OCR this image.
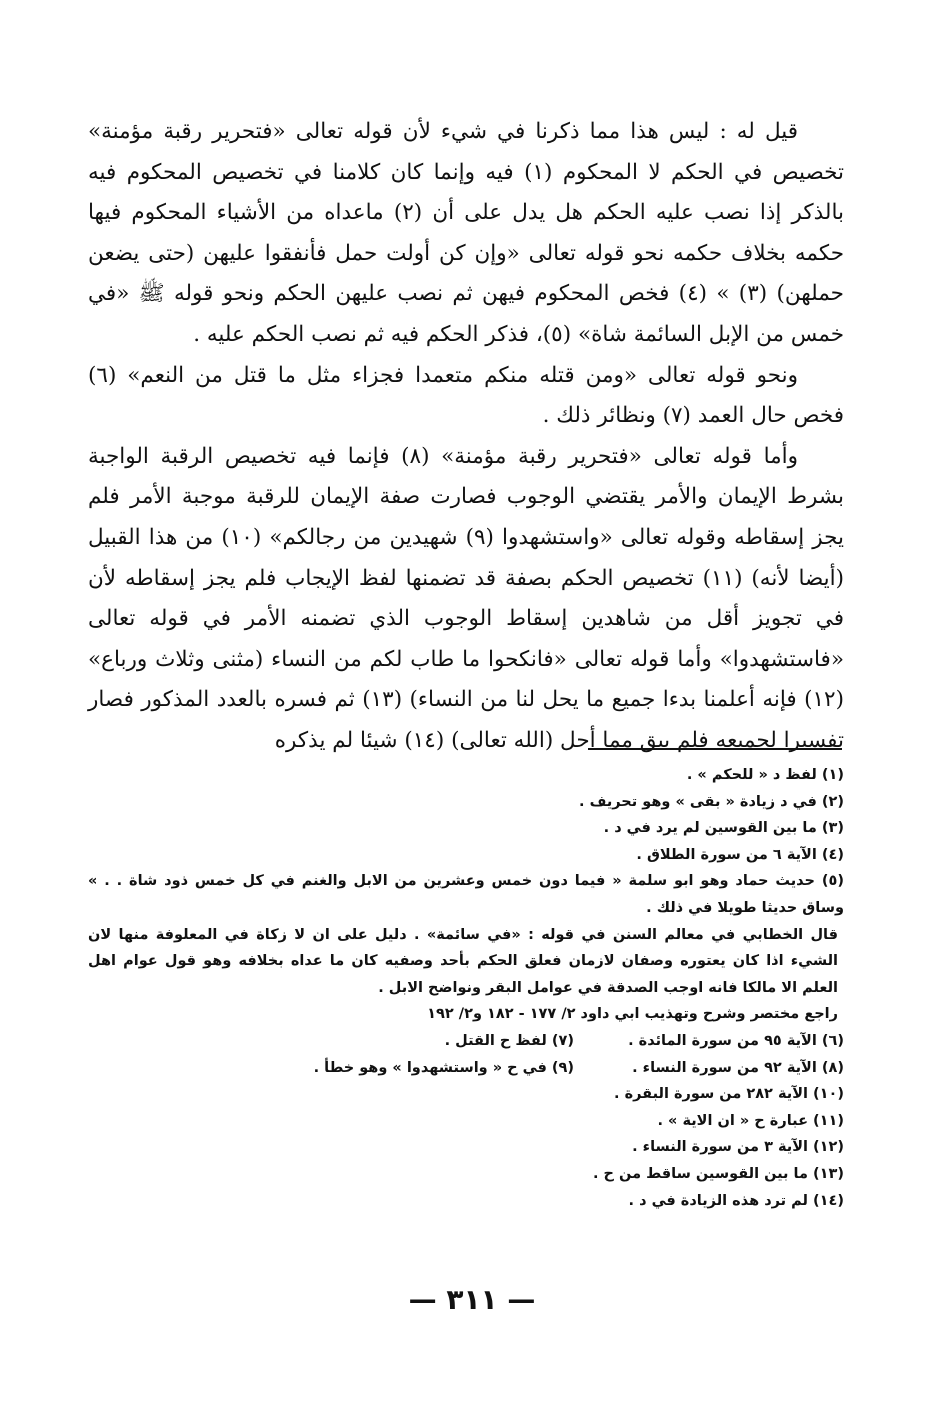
قيل له : ليس هذا مما ذكرنا في شيء لأن قوله تعالى «فتحرير رقبة مؤمنة» تخصيص في الحكم لا المحكوم (١) فيه وإنما كان كلامنا في تخصيص المحكوم فيه بالذكر إذا نصب عليه الحكم هل يدل على أن (٢) ماعداه من الأشياء المحكوم فيها حكمه بخلاف حكمه نحو قوله تعالى «وإن كن أولت حمل فأنفقوا عليهن (حتى يضعن حملهن) (٣) » (٤) فخص المحكوم فيهن ثم نصب عليهن الحكم ونحو قوله ﷺ «في خمس من الإبل السائمة شاة» (٥)، فذكر الحكم فيه ثم نصب الحكم عليه .

ونحو قوله تعالى «ومن قتله منكم متعمدا فجزاء مثل ما قتل من النعم» (٦) فخص حال العمد (٧) ونظائر ذلك .

وأما قوله تعالى «فتحرير رقبة مؤمنة» (٨) فإنما فيه تخصيص الرقبة الواجبة بشرط الإيمان والأمر يقتضي الوجوب فصارت صفة الإيمان للرقبة موجبة الأمر فلم يجز إسقاطه وقوله تعالى «واستشهدوا (٩) شهيدين من رجالكم» (١٠) من هذا القبيل (أيضا لأنه) (١١) تخصيص الحكم بصفة قد تضمنها لفظ الإيجاب فلم يجز إسقاطه لأن في تجويز أقل من شاهدين إسقاط الوجوب الذي تضمنه الأمر في قوله تعالى «فاستشهدوا» وأما قوله تعالى «فانكحوا ما طاب لكم من النساء (مثنى وثلاث ورباع» (١٢) فإنه أعلمنا بدءا جميع ما يحل لنا من النساء) (١٣) ثم فسره بالعدد المذكور فصار تفسيرا لجميعه فلم يبق مما أحل (الله تعالى) (١٤) شيئا لم يذكره

(١) لفظ د « للحكم » .

(٢) في د زيادة « بقى » وهو تحريف .

(٣) ما بين القوسين لم يرد في د .

(٤) الآية ٦ من سورة الطلاق .

(٥) حديث حماد وهو ابو سلمة « فيما دون خمس وعشرين من الابل والغنم في كل خمس ذود شاة . . » وساق حديثا طويلا في ذلك .

قال الخطابي في معالم السنن في قوله : «في سائمة» . دليل على ان لا زكاة في المعلوفة منها لان الشيء اذا كان يعتوره وصفان لازمان فعلق الحكم بأحد وصفيه كان ما عداه بخلافه وهو قول عوام اهل العلم الا مالكا فانه اوجب الصدقة في عوامل البقر ونواضح الابل .

راجع مختصر وشرح وتهذيب ابي داود ٢/ ١٧٧ - ١٨٢ و٢/ ١٩٢

(٦) الآية ٩٥ من سورة المائدة .
(٧) لفظ ح القتل .
(٨) الآية ٩٢ من سورة النساء .
(٩) في ح « واستشهدوا » وهو خطأ .

(١٠) الآية ٢٨٢ من سورة البقرة .

(١١) عبارة ح « ان الاية » .

(١٢) الآية ٣ من سورة النساء .

(١٣) ما بين القوسين ساقط من ح .

(١٤) لم ترد هذه الزيادة في د .

— ٣١١ —
